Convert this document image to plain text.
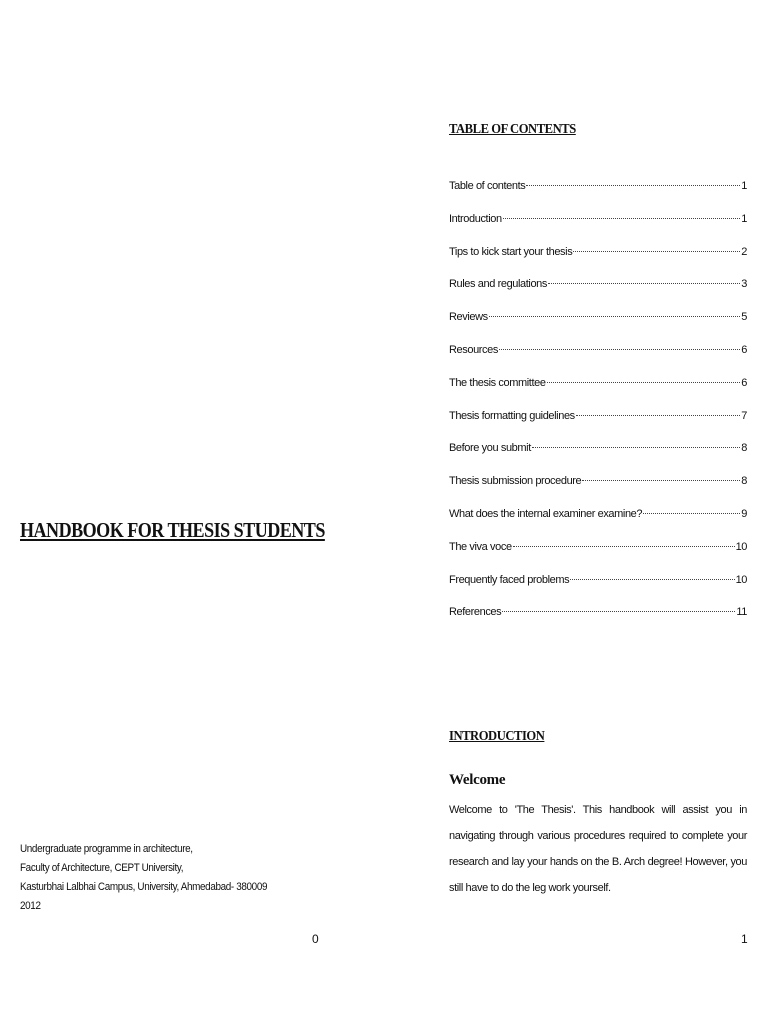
HANDBOOK FOR THESIS STUDENTS
Undergraduate programme in architecture,
Faculty of Architecture, CEPT University,
Kasturbhai Lalbhai Campus, University, Ahmedabad- 380009
2012
0
TABLE OF CONTENTS
Table of contents	1
Introduction	1
Tips to kick start your thesis	2
Rules and regulations	3
Reviews	5
Resources	6
The thesis committee	6
Thesis formatting guidelines	7
Before you submit	8
Thesis submission procedure	8
What does the internal examiner examine?	9
The viva voce	10
Frequently faced problems	10
References	11
INTRODUCTION
Welcome

Welcome to 'The Thesis'. This handbook will assist you in navigating through various procedures required to complete your research and lay your hands on the B. Arch degree! However, you still have to do the leg work yourself.

1
